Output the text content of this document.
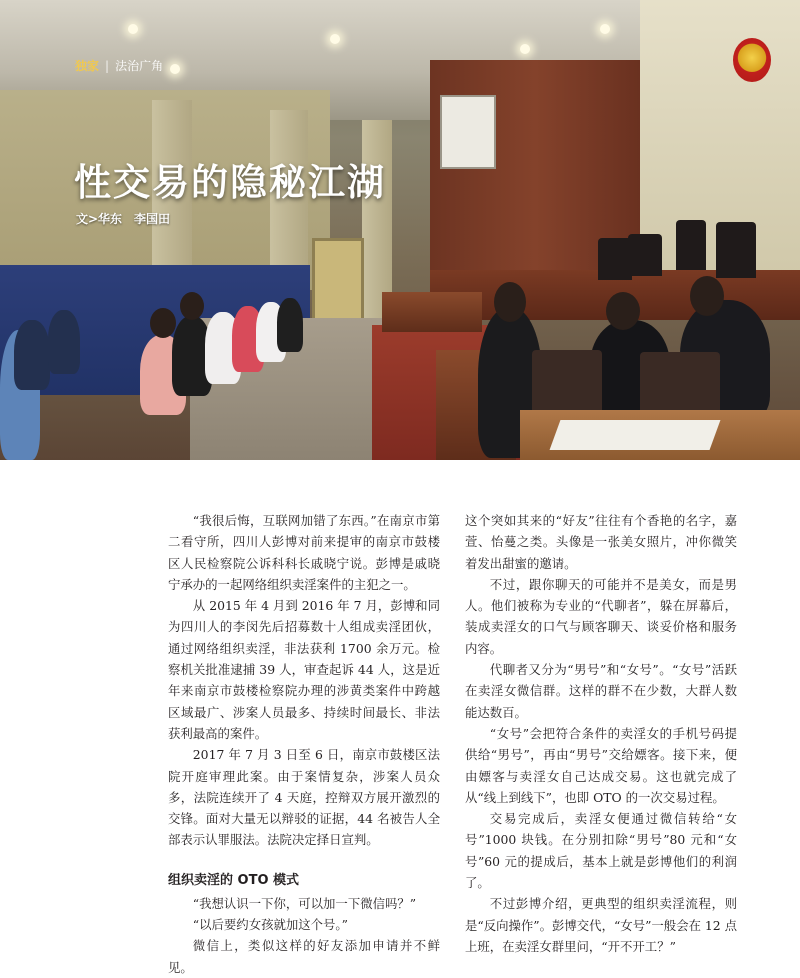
独家 | 法治广角
性交易的隐秘江湖
文>华东　李国田

“我很后悔，互联网加错了东西。”在南京市第二看守所，四川人彭博对前来提审的南京市鼓楼区人民检察院公诉科科长戚晓宁说。彭博是戚晓宁承办的一起网络组织卖淫案件的主犯之一。

从 2015 年 4 月到 2016 年 7 月，彭博和同为四川人的李闵先后招募数十人组成卖淫团伙，通过网络组织卖淫，非法获利 1700 余万元。检察机关批准逮捕 39 人，审查起诉 44 人，这是近年来南京市鼓楼检察院办理的涉黄类案件中跨越区域最广、涉案人员最多、持续时间最长、非法获利最高的案件。

2017 年 7 月 3 日至 6 日，南京市鼓楼区法院开庭审理此案。由于案情复杂，涉案人员众多，法院连续开了 4 天庭，控辩双方展开激烈的交锋。面对大量无以辩驳的证据，44 名被告人全部表示认罪服法。法院决定择日宣判。

组织卖淫的 OTO 模式

“我想认识一下你，可以加一下微信吗？”

“以后要约女孩就加这个号。”

微信上，类似这样的好友添加申请并不鲜见。

这个突如其来的“好友”往往有个香艳的名字，嘉萱、怡蔓之类。头像是一张美女照片，冲你微笑着发出甜蜜的邀请。

不过，跟你聊天的可能并不是美女，而是男人。他们被称为专业的“代聊者”，躲在屏幕后，装成卖淫女的口气与顾客聊天、谈妥价格和服务内容。

代聊者又分为“男号”和“女号”。“女号”活跃在卖淫女微信群。这样的群不在少数，大群人数能达数百。

“女号”会把符合条件的卖淫女的手机号码提供给“男号”，再由“男号”交给嫖客。接下来，便由嫖客与卖淫女自己达成交易。这也就完成了从“线上到线下”，也即 OTO 的一次交易过程。

交易完成后，卖淫女便通过微信转给“女号”1000 块钱。在分别扣除“男号”80 元和“女号”60 元的提成后，基本上就是彭博他们的利润了。

不过彭博介绍，更典型的组织卖淫流程，则是“反向操作”。彭博交代，“女号”一般会在 12 点上班，在卖淫女群里问，“开不开工？”
